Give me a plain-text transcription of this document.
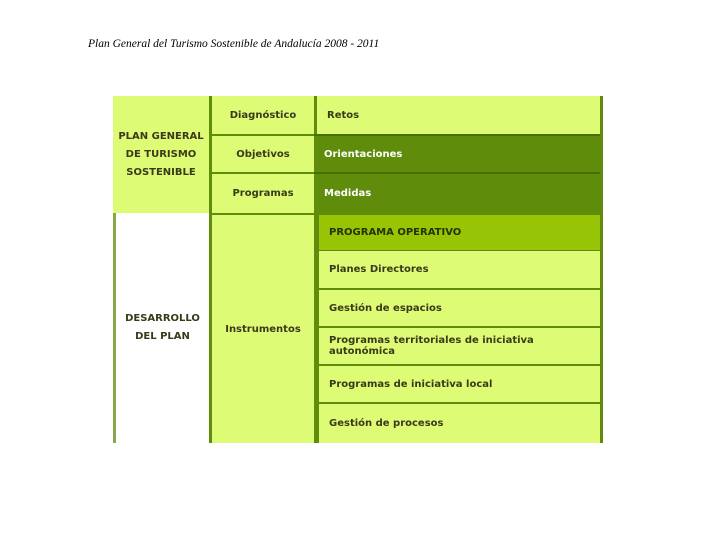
Plan General del Turismo Sostenible de Andalucía 2008 - 2011
PLAN GENERAL
DE TURISMO
SOSTENIBLE
DESARROLLO
DEL PLAN
Diagnóstico
Objetivos
Programas
Instrumentos
Retos
Orientaciones
Medidas
PROGRAMA OPERATIVO
Planes Directores
Gestión de espacios
Programas territoriales de iniciativa autonómica
Programas de iniciativa local
Gestión de procesos
